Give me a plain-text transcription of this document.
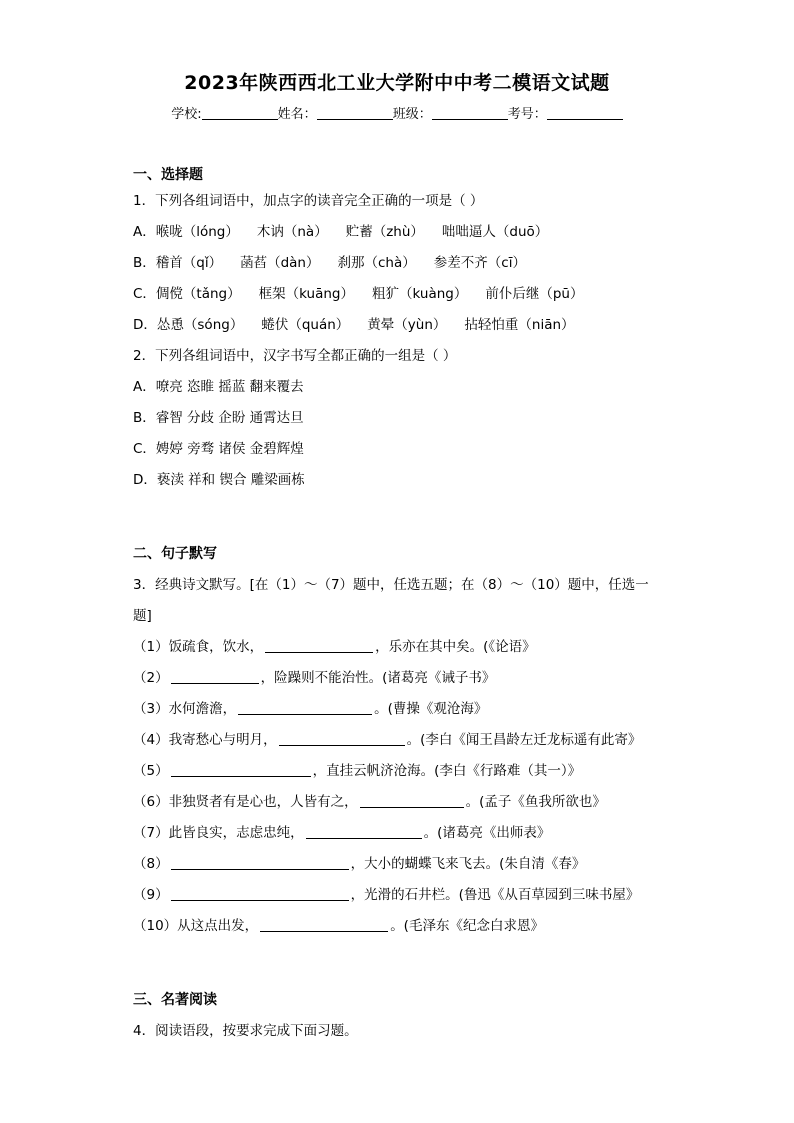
2023年陕西西北工业大学附中中考二模语文试题
学校:	姓名：	班级：	考号：
一、选择题
1．下列各组词语中，加点字的读音完全正确的一项是（ ）
A．喉咙（lóng） 木讷（nà） 贮蓄（zhù） 咄咄逼人（duō）
B．稽首（qǐ） 菡萏（dàn） 刹那（chà） 参差不齐（cī）
C．倜傥（tǎng） 框架（kuāng） 粗犷（kuàng） 前仆后继（pū）
D．怂恿（sóng） 蜷伏（quán） 黄晕（yùn） 拈轻怕重（niān）
2．下列各组词语中，汉字书写全都正确的一组是（ ）
A．嘹亮 恣睢 摇蓝 翻来覆去
B．睿智 分歧 企盼 通霄达旦
C．娉婷 旁骛 诸侯 金碧辉煌
D．亵渎 祥和 锲合 雕梁画栋
二、句子默写
3．经典诗文默写。[在（1）～（7）题中，任选五题；在（8）～（10）题中，任选一
题]
（1）饭疏食，饮水，	，乐亦在其中矣。(《论语》
（2）	，险躁则不能治性。(诸葛亮《诫子书》
（3）水何澹澹，	。(曹操《观沧海》
（4）我寄愁心与明月，	。(李白《闻王昌龄左迁龙标遥有此寄》
（5）	，直挂云帆济沧海。(李白《行路难（其一）》
（6）非独贤者有是心也，人皆有之，	。(孟子《鱼我所欲也》
（7）此皆良实，志虑忠纯，	。(诸葛亮《出师表》
（8）	，大小的蝴蝶飞来飞去。(朱自清《春》
（9）	，光滑的石井栏。(鲁迅《从百草园到三味书屋》
（10）从这点出发，	。(毛泽东《纪念白求恩》
三、名著阅读
4．阅读语段，按要求完成下面习题。
